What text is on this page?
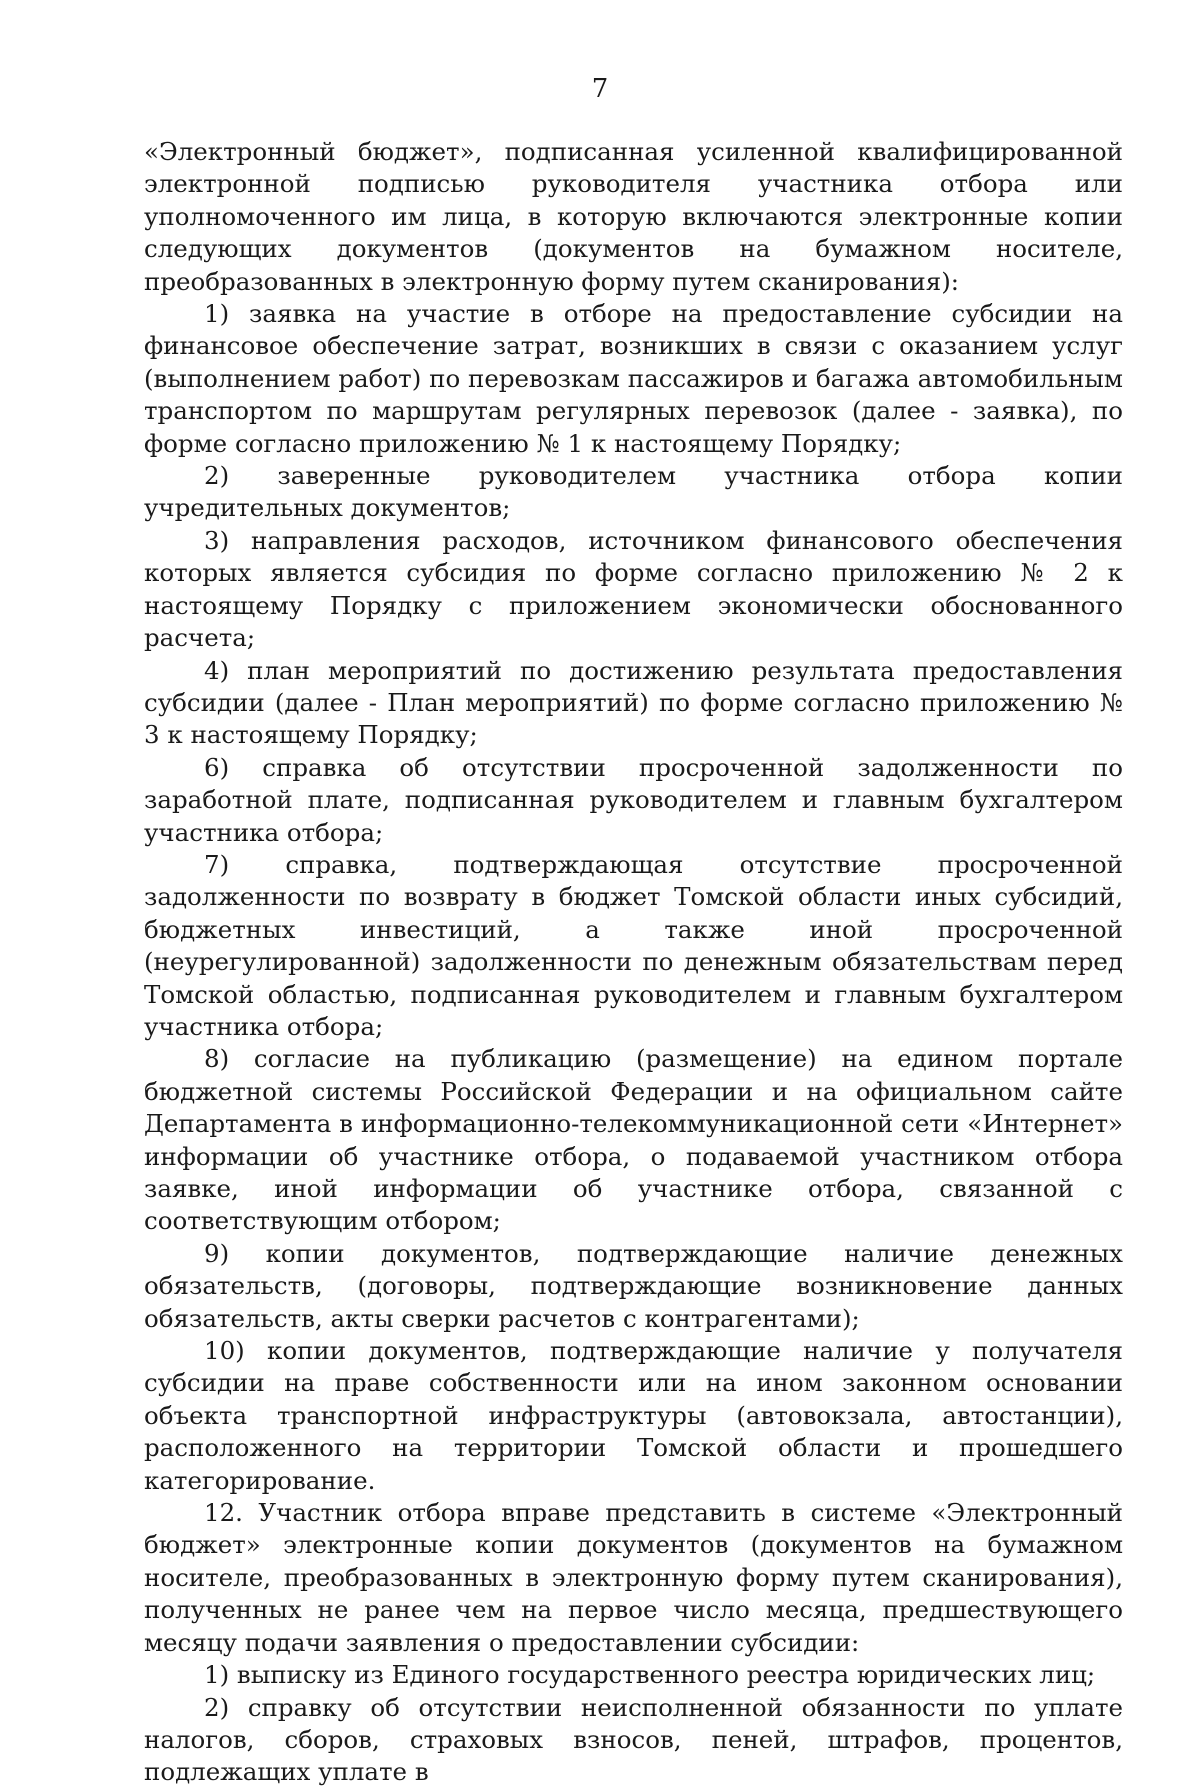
7

«Электронный бюджет», подписанная усиленной квалифицированной электронной подписью руководителя участника отбора или уполномоченного им лица, в которую включаются электронные копии следующих документов (документов на бумажном носителе, преобразованных в электронную форму путем сканирования):

1) заявка на участие в отборе на предоставление субсидии на финансовое обеспечение затрат, возникших в связи с оказанием услуг (выполнением работ) по перевозкам пассажиров и багажа автомобильным транспортом по маршрутам регулярных перевозок (далее - заявка), по форме согласно приложению № 1 к настоящему Порядку;

2) заверенные руководителем участника отбора копии учредительных документов;

3) направления расходов, источником финансового обеспечения которых является субсидия по форме согласно приложению № 2 к настоящему Порядку с приложением экономически обоснованного расчета;

4) план мероприятий по достижению результата предоставления субсидии (далее - План мероприятий) по форме согласно приложению № 3 к настоящему Порядку;

6) справка об отсутствии просроченной задолженности по заработной плате, подписанная руководителем и главным бухгалтером участника отбора;

7) справка, подтверждающая отсутствие просроченной задолженности по возврату в бюджет Томской области иных субсидий, бюджетных инвестиций, а также иной просроченной (неурегулированной) задолженности по денежным обязательствам перед Томской областью, подписанная руководителем и главным бухгалтером участника отбора;

8) согласие на публикацию (размещение) на едином портале бюджетной системы Российской Федерации и на официальном сайте Департамента в информационно-телекоммуникационной сети «Интернет» информации об участнике отбора, о подаваемой участником отбора заявке, иной информации об участнике отбора, связанной с соответствующим отбором;

9) копии документов, подтверждающие наличие денежных обязательств, (договоры, подтверждающие возникновение данных обязательств, акты сверки расчетов с контрагентами);

10) копии документов, подтверждающие наличие у получателя субсидии на праве собственности или на ином законном основании объекта транспортной инфраструктуры (автовокзала, автостанции), расположенного на территории Томской области и прошедшего категорирование.

12. Участник отбора вправе представить в системе «Электронный бюджет» электронные копии документов (документов на бумажном носителе, преобразованных в электронную форму путем сканирования), полученных не ранее чем на первое число месяца, предшествующего месяцу подачи заявления о предоставлении субсидии:

1) выписку из Единого государственного реестра юридических лиц;

2) справку об отсутствии неисполненной обязанности по уплате налогов, сборов, страховых взносов, пеней, штрафов, процентов, подлежащих уплате в
